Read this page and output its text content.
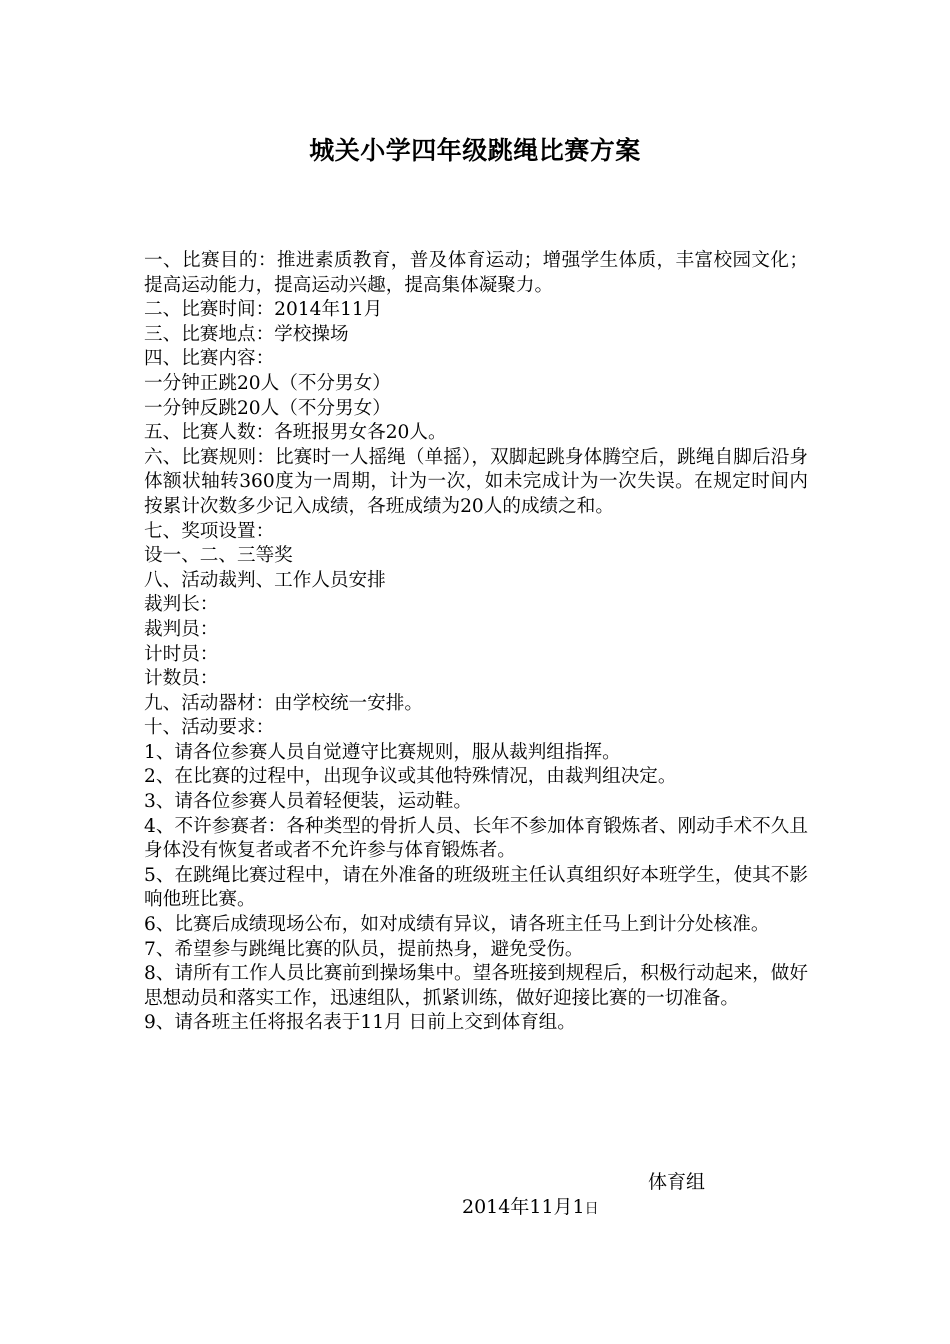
城关小学四年级跳绳比赛方案

一、比赛目的：推进素质教育，普及体育运动；增强学生体质，丰富校园文化；提高运动能力，提高运动兴趣，提高集体凝聚力。

二、比赛时间：2014年11月

三、比赛地点：学校操场

四、比赛内容：

一分钟正跳20人（不分男女）

一分钟反跳20人（不分男女）

五、比赛人数：各班报男女各20人。

六、比赛规则：比赛时一人摇绳（单摇），双脚起跳身体腾空后，跳绳自脚后沿身体额状轴转360度为一周期，计为一次，如未完成计为一次失误。在规定时间内按累计次数多少记入成绩，各班成绩为20人的成绩之和。

七、奖项设置：

设一、二、三等奖

八、活动裁判、工作人员安排

裁判长：

裁判员：

计时员：

计数员：

九、活动器材：由学校统一安排。

十、活动要求：

1、请各位参赛人员自觉遵守比赛规则，服从裁判组指挥。

2、在比赛的过程中，出现争议或其他特殊情况，由裁判组决定。

3、请各位参赛人员着轻便装，运动鞋。

4、不许参赛者：各种类型的骨折人员、长年不参加体育锻炼者、刚动手术不久且身体没有恢复者或者不允许参与体育锻炼者。

5、在跳绳比赛过程中，请在外准备的班级班主任认真组织好本班学生，使其不影响他班比赛。

6、比赛后成绩现场公布，如对成绩有异议，请各班主任马上到计分处核准。

7、希望参与跳绳比赛的队员，提前热身，避免受伤。

8、请所有工作人员比赛前到操场集中。望各班接到规程后，积极行动起来，做好思想动员和落实工作，迅速组队，抓紧训练，做好迎接比赛的一切准备。

9、请各班主任将报名表于11月 日前上交到体育组。

体育组
2014年11月1日
